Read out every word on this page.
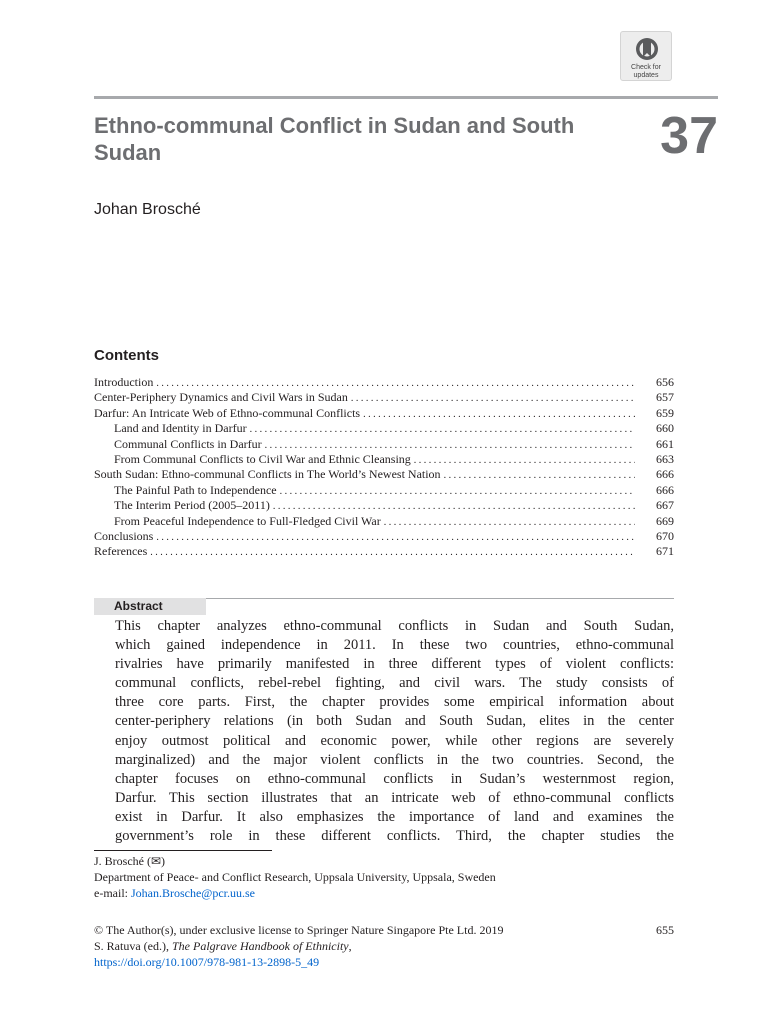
Check for
updates
Ethno-communal Conflict in Sudan and South Sudan	37
Johan Brosché
Contents
Introduction . . .	656
Center-Periphery Dynamics and Civil Wars in Sudan . . .	657
Darfur: An Intricate Web of Ethno-communal Conflicts . . .	659
Land and Identity in Darfur . . .	660
Communal Conflicts in Darfur . . .	661
From Communal Conflicts to Civil War and Ethnic Cleansing . . .	663
South Sudan: Ethno-communal Conflicts in The World’s Newest Nation . . .	666
The Painful Path to Independence . . .	666
The Interim Period (2005–2011) . . .	667
From Peaceful Independence to Full-Fledged Civil War . . .	669
Conclusions . . .	670
References . . .	671
Abstract
This chapter analyzes ethno-communal conflicts in Sudan and South Sudan,
which gained independence in 2011. In these two countries, ethno-communal
rivalries have primarily manifested in three different types of violent conflicts:
communal conflicts, rebel-rebel fighting, and civil wars. The study consists of
three core parts. First, the chapter provides some empirical information about
center-periphery relations (in both Sudan and South Sudan, elites in the center
enjoy outmost political and economic power, while other regions are severely
marginalized) and the major violent conflicts in the two countries. Second, the
chapter focuses on ethno-communal conflicts in Sudan’s westernmost region,
Darfur. This section illustrates that an intricate web of ethno-communal conflicts
exist in Darfur. It also emphasizes the importance of land and examines the
government’s role in these different conflicts. Third, the chapter studies the
J. Brosché (✉)
Department of Peace- and Conflict Research, Uppsala University, Uppsala, Sweden
e-mail: Johan.Brosche@pcr.uu.se
© The Author(s), under exclusive license to Springer Nature Singapore Pte Ltd. 2019	655
S. Ratuva (ed.), The Palgrave Handbook of Ethnicity,
https://doi.org/10.1007/978-981-13-2898-5_49
